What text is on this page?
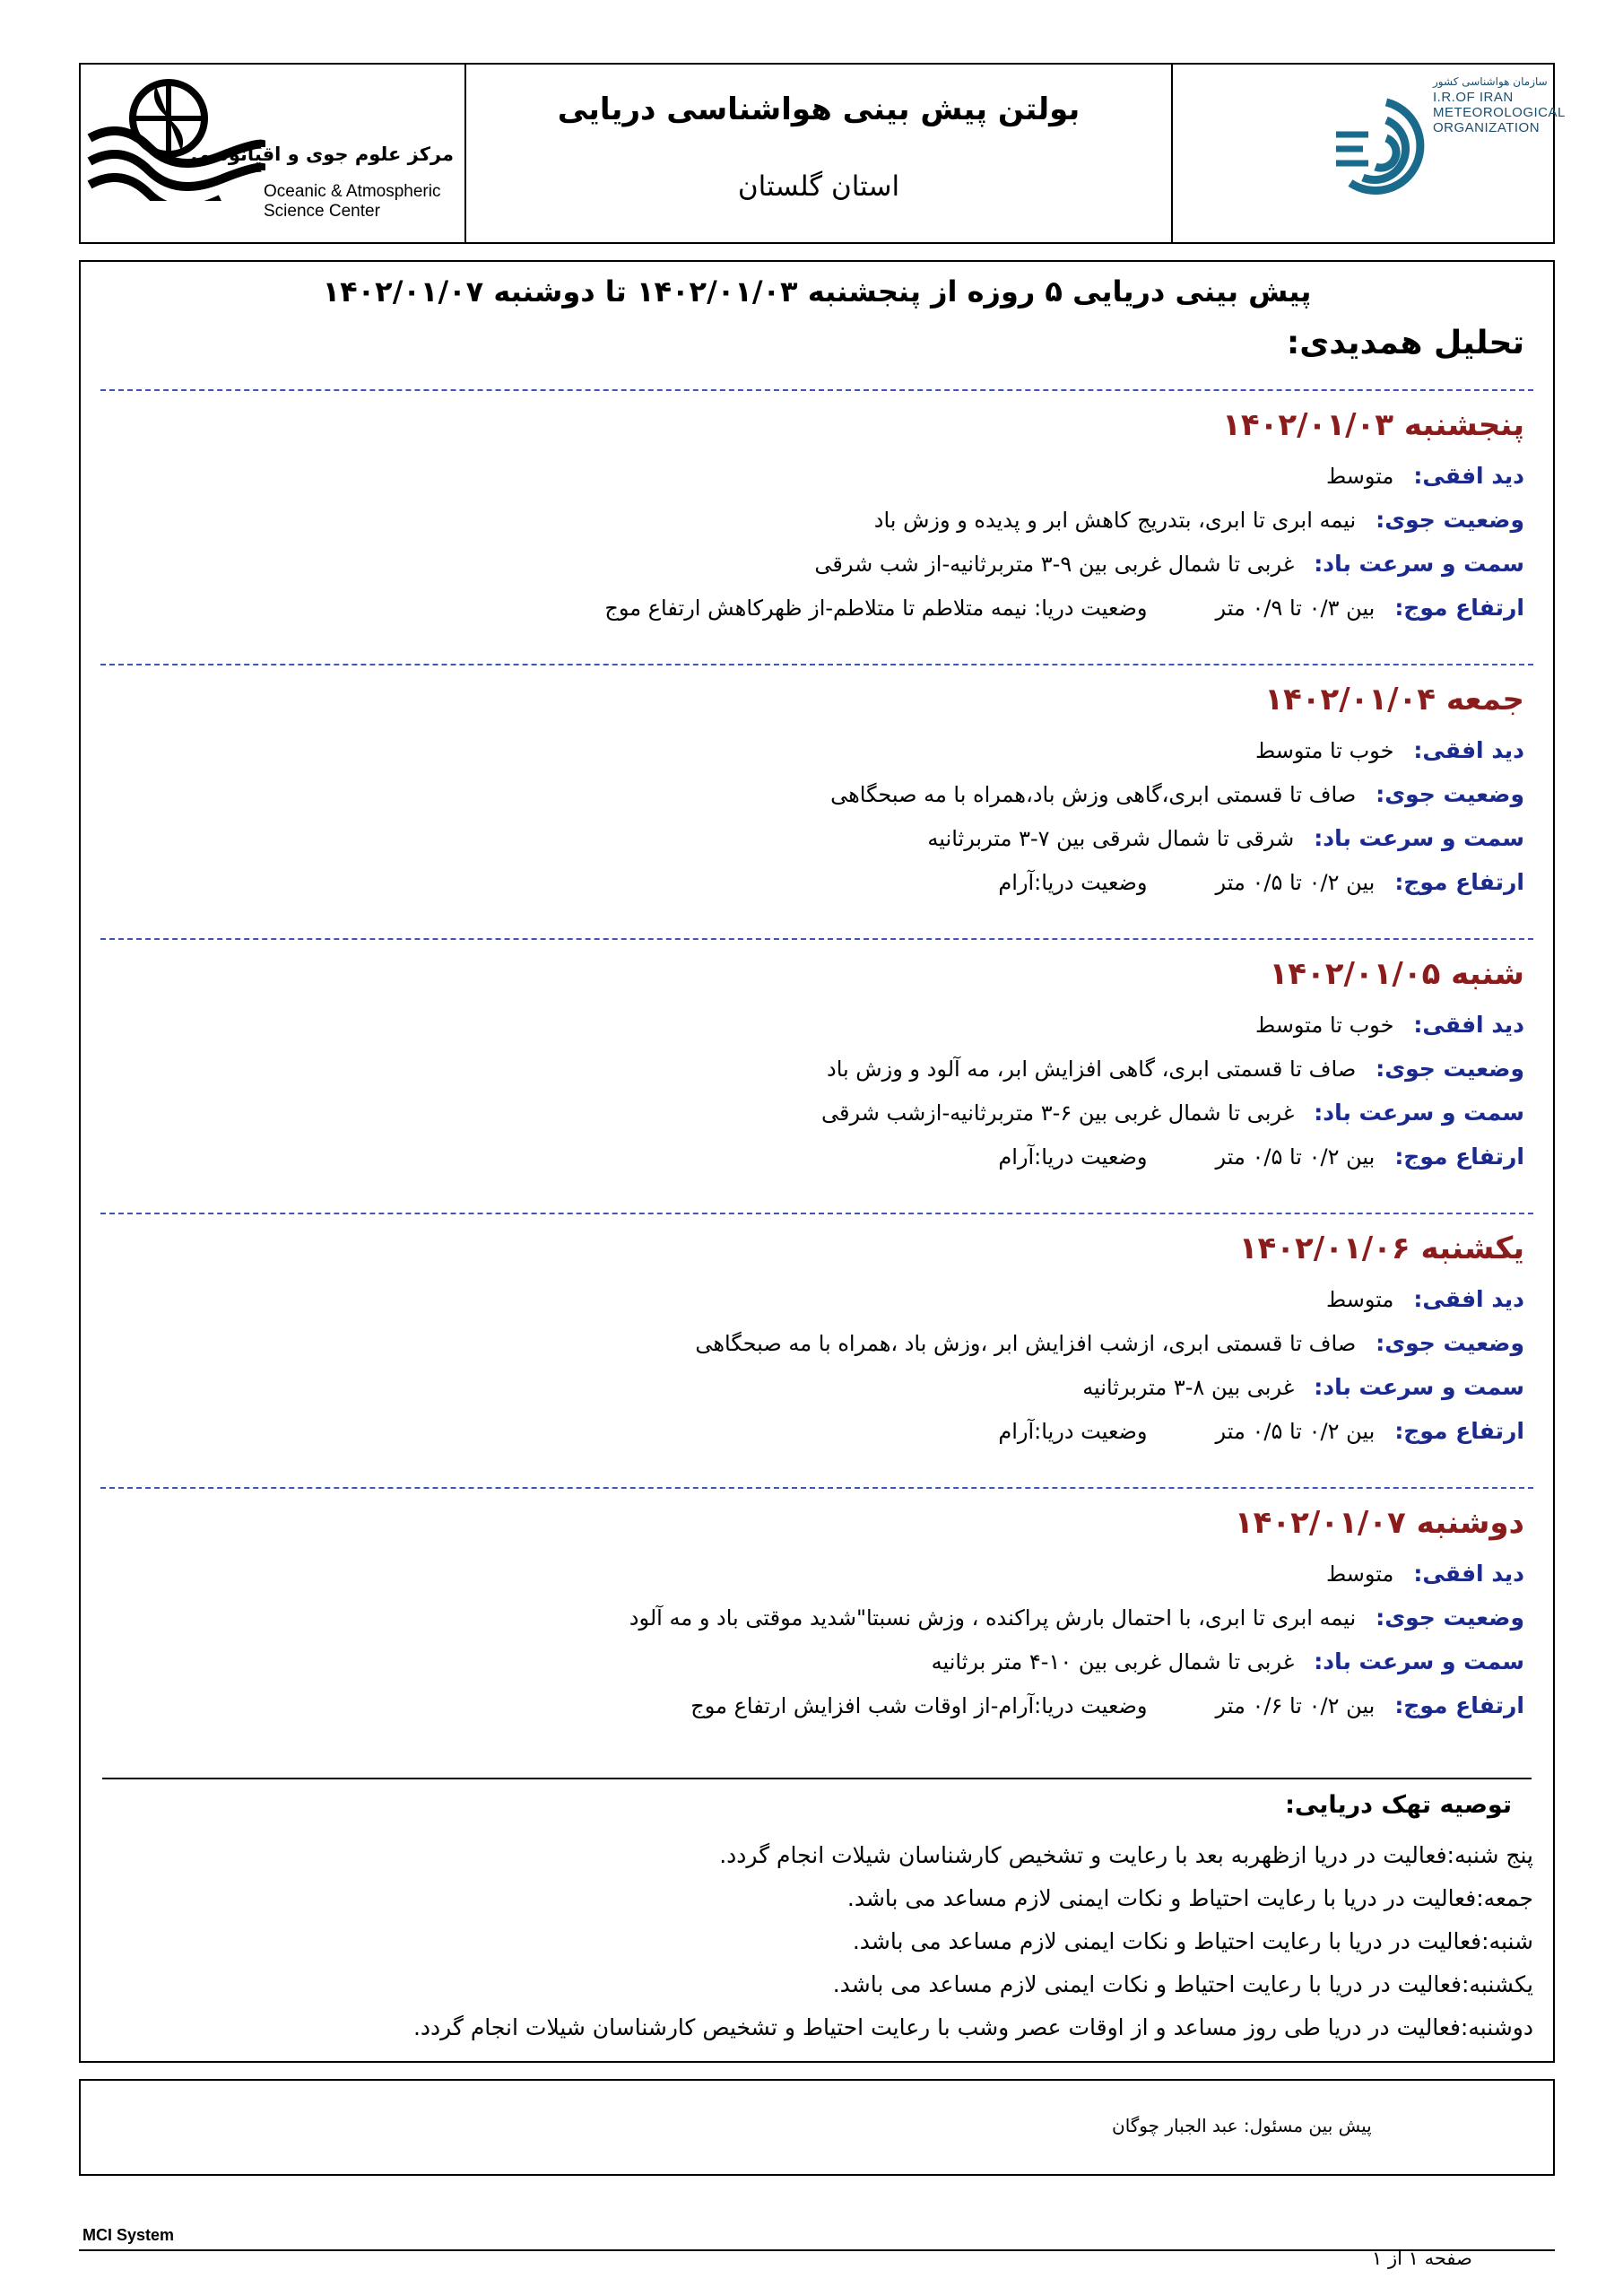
مرکز علوم جوی و اقیانوسی
Oceanic & Atmospheric
Science Center
بولتن پیش بینی هواشناسی دریایی
استان گلستان
سازمان هواشناسی کشور
I.R.OF IRAN
METEOROLOGICAL
ORGANIZATION
پیش بینی دریایی ۵ روزه از پنجشنبه ۱۴۰۲/۰۱/۰۳ تا دوشنبه ۱۴۰۲/۰۱/۰۷
تحلیل همدیدی:
پنجشنبه ۱۴۰۲/۰۱/۰۳
دید افقی:متوسط
وضعیت جوی:نیمه ابری تا ابری، بتدریج کاهش ابر و پدیده و وزش باد
سمت و سرعت باد:غربی تا شمال غربی بین ۹-۳ متربرثانیه-از شب شرقی
ارتفاع موج:بین ۰/۳ تا ۰/۹ متروضعیت دریا: نیمه متلاطم تا متلاطم-از ظهرکاهش ارتفاع موج
جمعه ۱۴۰۲/۰۱/۰۴
دید افقی:خوب تا متوسط
وضعیت جوی:صاف تا قسمتی ابری،گاهی وزش باد،همراه با مه صبحگاهی
سمت و سرعت باد:شرقی تا شمال شرقی بین ۷-۳ متربرثانیه
ارتفاع موج:بین ۰/۲ تا ۰/۵ متروضعیت دریا:آرام
شنبه ۱۴۰۲/۰۱/۰۵
دید افقی:خوب تا متوسط
وضعیت جوی:صاف تا قسمتی ابری، گاهی افزایش ابر، مه آلود و وزش باد
سمت و سرعت باد:غربی تا شمال غربی بین ۶-۳ متربرثانیه-ازشب شرقی
ارتفاع موج:بین ۰/۲ تا ۰/۵ متروضعیت دریا:آرام
یکشنبه ۱۴۰۲/۰۱/۰۶
دید افقی:متوسط
وضعیت جوی:صاف تا قسمتی ابری، ازشب افزایش ابر ،وزش باد ،همراه با مه صبحگاهی
سمت و سرعت باد:غربی بین ۸-۳ متربرثانیه
ارتفاع موج:بین ۰/۲ تا ۰/۵ متروضعیت دریا:آرام
دوشنبه ۱۴۰۲/۰۱/۰۷
دید افقی:متوسط
وضعیت جوی:نیمه ابری تا ابری، با احتمال بارش پراکنده ، وزش نسبتا"شدید موقتی باد و مه آلود
سمت و سرعت باد:غربی تا شمال غربی بین ۱۰-۴ متر برثانیه
ارتفاع موج:بین ۰/۲ تا ۰/۶ متروضعیت دریا:آرام-از اوقات شب افزایش ارتفاع موج
توصیه تهک دریایی:
پنج شنبه:فعالیت در دریا ازظهربه بعد با رعایت و تشخیص کارشناسان شیلات انجام گردد.
جمعه:فعالیت در دریا با رعایت احتیاط و نکات ایمنی لازم مساعد می باشد.
شنبه:فعالیت در دریا با رعایت احتیاط و نکات ایمنی لازم مساعد می باشد.
یکشنبه:فعالیت در دریا با رعایت احتیاط و نکات ایمنی لازم مساعد می باشد.
دوشنبه:فعالیت در دریا طی روز مساعد و از اوقات عصر وشب با رعایت احتیاط و تشخیص کارشناسان شیلات انجام گردد.
پیش بین مسئول: عبد الجبار چوگان
MCI System
صفحه ۱ از ۱
